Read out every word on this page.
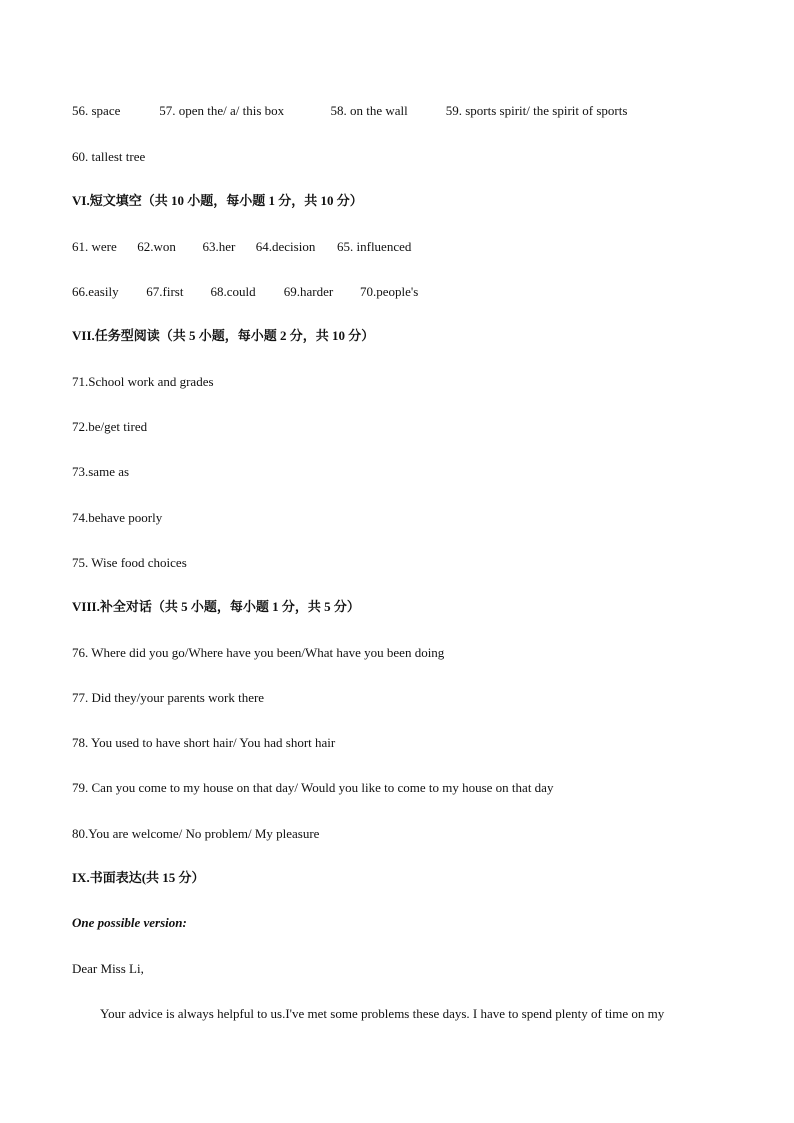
56. space	57. open the/ a/ this box	58. on the wall	59. sports spirit/ the spirit of sports
60. tallest tree
VI.短文填空（共 10 小题，每小题 1 分，共 10 分）
61. were 62.won 63.her 64.decision 65. influenced
66.easily 67.first 68.could 69.harder 70.people's
VII.任务型阅读（共 5 小题，每小题 2 分，共 10 分）
71.School work and grades
72.be/get tired
73.same as
74.behave poorly
75. Wise food choices
VIII.补全对话（共 5 小题，每小题 1 分，共 5 分）
76. Where did you go/Where have you been/What have you been doing
77. Did they/your parents work there
78. You used to have short hair/ You had short hair
79. Can you come to my house on that day/ Would you like to come to my house on that day
80.You are welcome/ No problem/ My pleasure
IX.书面表达(共 15 分）
One possible version:
Dear Miss Li,
Your advice is always helpful to us.I've met some problems these days. I have to spend plenty of time on my
